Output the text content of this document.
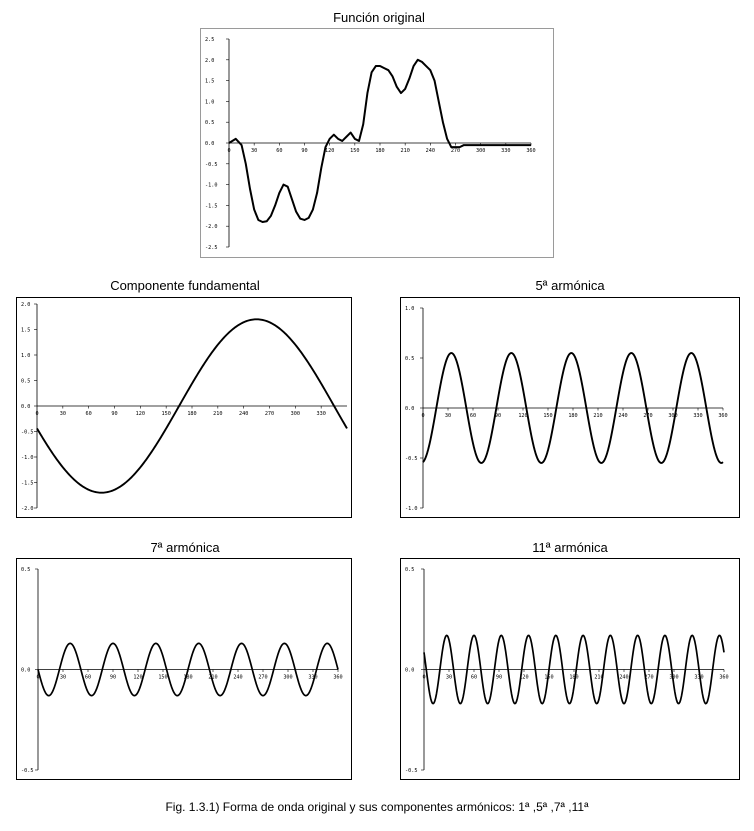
Función original
Componente fundamental	5ª armónica
7ª armónica	11ª armónica
2.5
2.0
1.5
1.0
0.5
0.0
-0.5
-1.0
-1.5
-2.0
-2.5
30	60	90	120	150	180	210	240	270	300	330	360
0
2.0
1.5
1.0
0.5
0.0
-0.5
-1.0
-1.5
-2.0
30	60	90	120	150	180	210	240	270	300	330
0
1.0
0.5
0.0
-0.5
-1.0
30	60	90	120	150	180	210	240	270	300	330	360
0
0.5
0.0
-0.5
30	60	90	120	150	180	210	240	270	300	330	360
0
0.5
0.0
-0.5
30	60	90	120	150	180	210	240	270	300	330	360
0
Fig. 1.3.1) Forma de onda original y sus componentes armónicos: 1ª ,5ª ,7ª ,11ª
